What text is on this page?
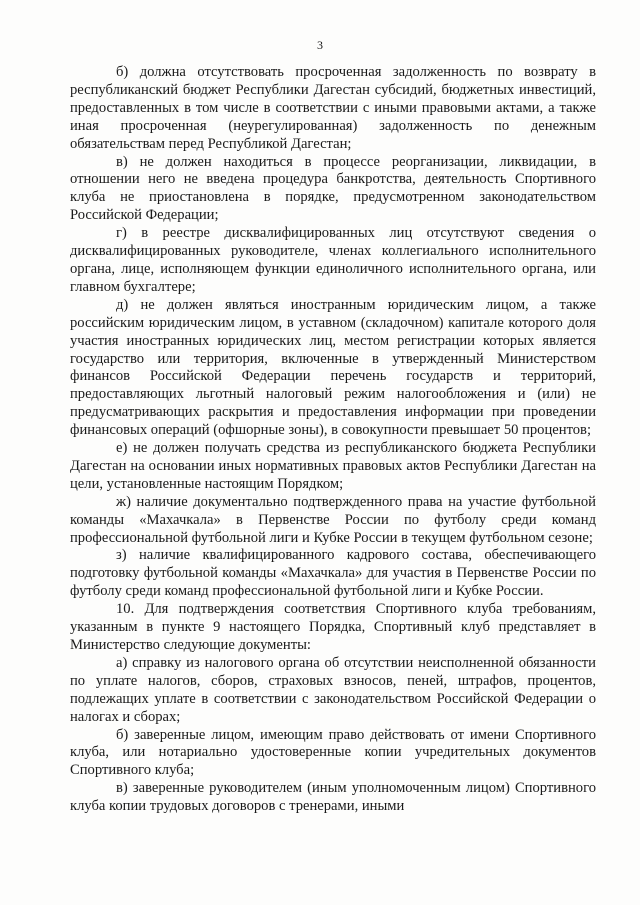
3

б) должна отсутствовать просроченная задолженность по возврату в республиканский бюджет Республики Дагестан субсидий, бюджетных инвестиций, предоставленных в том числе в соответствии с иными правовыми актами, а также иная просроченная (неурегулированная) задолженность по денежным обязательствам перед Республикой Дагестан;

в) не должен находиться в процессе реорганизации, ликвидации, в отношении него не введена процедура банкротства, деятельность Спортивного клуба не приостановлена в порядке, предусмотренном законодательством Российской Федерации;

г) в реестре дисквалифицированных лиц отсутствуют сведения о дисквалифицированных руководителе, членах коллегиального исполнительного органа, лице, исполняющем функции единоличного исполнительного органа, или главном бухгалтере;

д) не должен являться иностранным юридическим лицом, а также российским юридическим лицом, в уставном (складочном) капитале которого доля участия иностранных юридических лиц, местом регистрации которых является государство или территория, включенные в утвержденный Министерством финансов Российской Федерации перечень государств и территорий, предоставляющих льготный налоговый режим налогообложения и (или) не предусматривающих раскрытия и предоставления информации при проведении финансовых операций (офшорные зоны), в совокупности превышает 50 процентов;

е) не должен получать средства из республиканского бюджета Республики Дагестан на основании иных нормативных правовых актов Республики Дагестан на цели, установленные настоящим Порядком;

ж) наличие документально подтвержденного права на участие футбольной команды «Махачкала» в Первенстве России по футболу среди команд профессиональной футбольной лиги и Кубке России в текущем футбольном сезоне;

з) наличие квалифицированного кадрового состава, обеспечивающего подготовку футбольной команды «Махачкала» для участия в Первенстве России по футболу среди команд профессиональной футбольной лиги и Кубке России.

10. Для подтверждения соответствия Спортивного клуба требованиям, указанным в пункте 9 настоящего Порядка, Спортивный клуб представляет в Министерство следующие документы:

а) справку из налогового органа об отсутствии неисполненной обязанности по уплате налогов, сборов, страховых взносов, пеней, штрафов, процентов, подлежащих уплате в соответствии с законодательством Российской Федерации о налогах и сборах;

б) заверенные лицом, имеющим право действовать от имени Спортивного клуба, или нотариально удостоверенные копии учредительных документов Спортивного клуба;

в) заверенные руководителем (иным уполномоченным лицом) Спортивного клуба копии трудовых договоров с тренерами, иными
